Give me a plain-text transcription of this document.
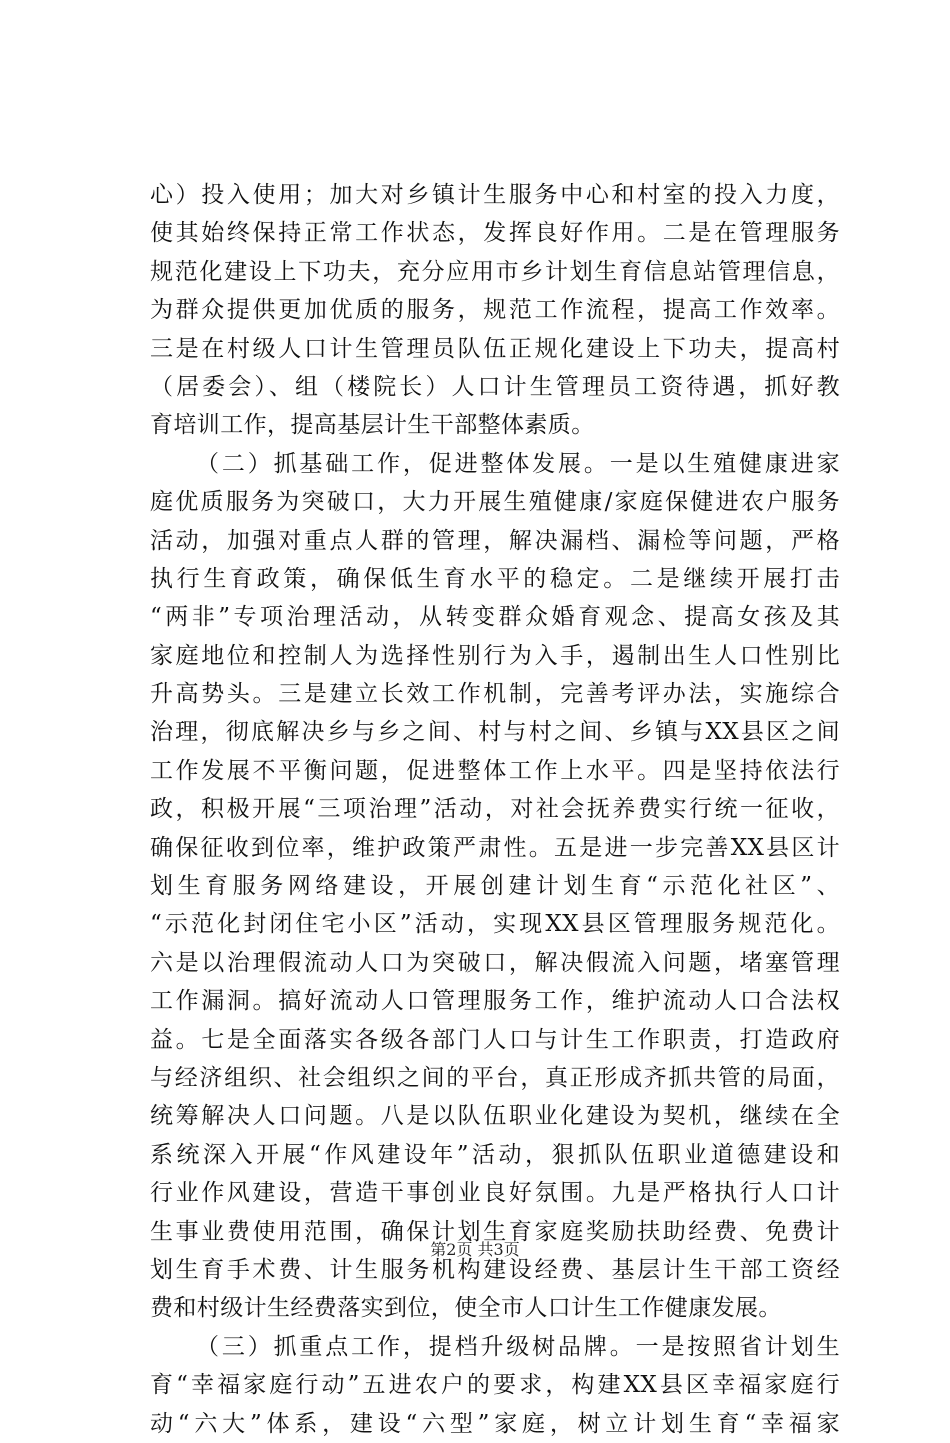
心）投入使用；加大对乡镇计生服务中心和村室的投入力度，
使其始终保持正常工作状态，发挥良好作用。二是在管理服务
规范化建设上下功夫，充分应用市乡计划生育信息站管理信息，
为群众提供更加优质的服务，规范工作流程，提高工作效率。
三是在村级人口计生管理员队伍正规化建设上下功夫，提高村
（居委会）、组（楼院长）人口计生管理员工资待遇，抓好教
育培训工作，提高基层计生干部整体素质。
（二）抓基础工作，促进整体发展。一是以生殖健康进家
庭优质服务为突破口，大力开展生殖健康/家庭保健进农户服务
活动，加强对重点人群的管理，解决漏档、漏检等问题，严格
执行生育政策，确保低生育水平的稳定。二是继续开展打击
“两非”专项治理活动，从转变群众婚育观念、提高女孩及其
家庭地位和控制人为选择性别行为入手，遏制出生人口性别比
升高势头。三是建立长效工作机制，完善考评办法，实施综合
治理，彻底解决乡与乡之间、村与村之间、乡镇与XX县区之间
工作发展不平衡问题，促进整体工作上水平。四是坚持依法行
政，积极开展“三项治理”活动，对社会抚养费实行统一征收，
确保征收到位率，维护政策严肃性。五是进一步完善XX县区计
划生育服务网络建设，开展创建计划生育“示范化社区”、
“示范化封闭住宅小区”活动，实现XX县区管理服务规范化。
六是以治理假流动人口为突破口，解决假流入问题，堵塞管理
工作漏洞。搞好流动人口管理服务工作，维护流动人口合法权
益。七是全面落实各级各部门人口与计生工作职责，打造政府
与经济组织、社会组织之间的平台，真正形成齐抓共管的局面，
统筹解决人口问题。八是以队伍职业化建设为契机，继续在全
系统深入开展“作风建设年”活动，狠抓队伍职业道德建设和
行业作风建设，营造干事创业良好氛围。九是严格执行人口计
生事业费使用范围，确保计划生育家庭奖励扶助经费、免费计
划生育手术费、计生服务机构建设经费、基层计生干部工资经
费和村级计生经费落实到位，使全市人口计生工作健康发展。
（三）抓重点工作，提档升级树品牌。一是按照省计划生
育“幸福家庭行动”五进农户的要求，构建XX县区幸福家庭行
动“六大”体系，建设“六型”家庭，树立计划生育“幸福家
第2页 共3页
